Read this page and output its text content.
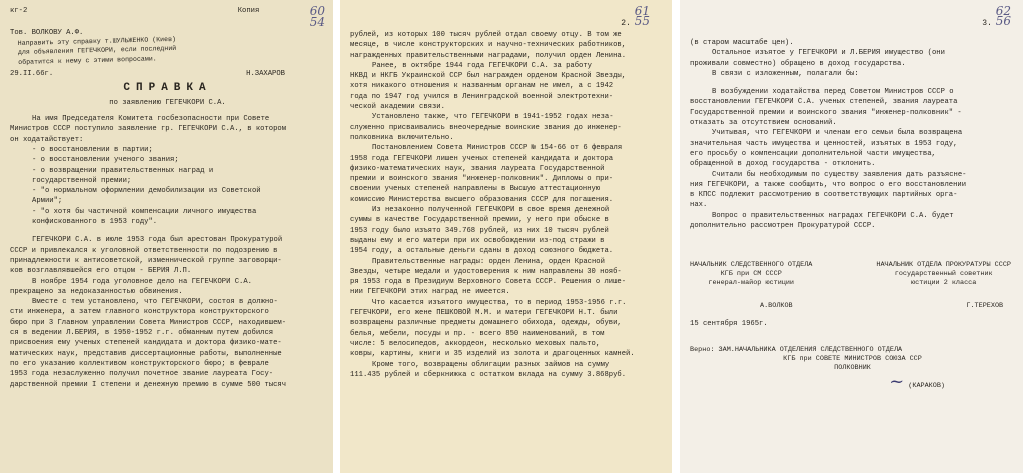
кг-2	Копия	60
54
Тов. ВОЛКОВУ А.Ф.
Направить эту справку т.ШУЛЬЖЕНКО (Киев)
для объявления ГЕГЕЧКОРИ, если последний
обратится к нему с этими вопросами.
29.II.66г.	Н.ЗАХАРОВ
СПРАВКА
по заявлению ГЕГЕЧКОРИ С.А.
На имя Председателя Комитета госбезопасности при Совете
Министров СССР поступило заявление гр. ГЕГЕЧКОРИ С.А., в котором
он ходатайствует:
- о восстановлении в партии;
- о восстановлении ученого звания;
- о возвращении правительственных наград и
государственной премии;
- "о нормальном оформлении демобилизации из Советской
Армии";
- "о хотя бы частичной компенсации личного имущества
конфискованного в 1953 году".
ГЕГЕЧКОРИ С.А. в июле 1953 года был арестован Прокуратурой
СССР и привлекался к уголовной ответственности по подозрению в
принадлежности к антисоветской, изменнической группе заговорщи-
ков возглавлявшейся его отцом - БЕРИЯ Л.П.
В ноябре 1954 года уголовное дело на ГЕГЕЧКОРИ С.А.
прекращено за недоказанностью обвинения.
Вместе с тем установлено, что ГЕГЕЧКОРИ, состоя в должно-
сти инженера, а затем главного конструктора конструкторского
бюро при 3 Главном управлении Совета Министров СССР, находившем-
ся в ведении Л.БЕРИЯ, в 1950-1952 г.г. обманным путем добился
присвоения ему ученых степеней кандидата и доктора физико-мате-
матических наук, представив диссертационные работы, выполненные
по его указанию коллективом конструкторского бюро; в феврале
1953 года незаслуженно получил почетное звание лауреата Госу-
дарственной премии I степени и денежную премию в сумме 500 тысяч
61
2. 55
рублей, из которых 100 тысяч рублей отдал своему отцу. В том же
месяце, в числе конструкторских и научно-технических работников,
награжденных правительственными наградами, получил орден Ленина.
Ранее, в октябре 1944 года ГЕГЕЧКОРИ С.А. за работу
НКВД и НКГБ Украинской ССР был награжден орденом Красной Звезды,
хотя никакого отношения к названным органам не имел, а с 1942
года по 1947 год учился в Ленинградской военной электротехни-
ческой академии связи.
Установлено также, что ГЕГЕЧКОРИ в 1941-1952 годах неза-
служенно присваивались внеочередные воинские звания до инженер-
полковника включительно.
Постановлением Совета Министров СССР № 154-66 от 6 февраля
1958 года ГЕГЕЧКОРИ лишен ученых степеней кандидата и доктора
физико-математических наук, звания лауреата Государственной
премии и воинского звания "инженер-полковник". Дипломы о при-
своении ученых степеней направлены в Высшую аттестационную
комиссию Министерства высшего образования СССР для погашения.
Из незаконно полученной ГЕГЕЧКОРИ в свое время денежной
суммы в качестве Государственной премии, у него при обыске в
1953 году было изъято 349.768 рублей, из них 10 тысяч рублей
выданы ему и его матери при их освобождении из-под стражи в
1954 году, а остальные деньги сданы в доход союзного бюджета.
Правительственные награды: орден Ленина, орден Красной
Звезды, четыре медали и удостоверения к ним направлены 30 нояб-
ря 1953 года в Президиум Верховного Совета СССР. Решения о лише-
нии ГЕГЕЧКОРИ этих наград не имеется.
Что касается изъятого имущества, то в период 1953-1956 г.г.
ГЕГЕЧКОРИ, его жене ПЕШКОВОЙ М.М. и матери ГЕГЕЧКОРИ Н.Т. были
возвращены различные предметы домашнего обихода, одежды, обуви,
белья, мебели, посуды и пр. - всего 850 наименований, в том
числе: 5 велосипедов, аккордеон, несколько меховых пальто,
ковры, картины, книги и 35 изделий из золота и драгоценных камней.
Кроме того, возвращены облигации разных займов на сумму
111.435 рублей и сберкнижка с остатком вклада на сумму 3.868руб.
62
3. 56
(в старом масштабе цен).
Остальное изъятое у ГЕГЕЧКОРИ и Л.БЕРИЯ имущество (они
проживали совместно) обращено в доход государства.
В связи с изложенным, полагали бы:
В возбуждении ходатайства перед Советом Министров СССР о
восстановлении ГЕГЕЧКОРИ С.А. ученых степеней, звания лауреата
Государственной премии и воинского звания "инженер-полковник" -
отказать за отсутствием оснований.
Учитывая, что ГЕГЕЧКОРИ и членам его семьи была возвращена
значительная часть имущества и ценностей, изъятых в 1953 году,
его просьбу о компенсации дополнительной части имущества,
обращенной в доход государства - отклонить.
Считали бы необходимым по существу заявления дать разъясне-
ния ГЕГЕЧКОРИ, а также сообщить, что вопрос о его восстановлении
в КПСС подлежит рассмотрению в соответствующих партийных орга-
нах.
Вопрос о правительственных наградах ГЕГЕЧКОРИ С.А. будет
дополнительно рассмотрен Прокуратурой СССР.
НАЧАЛЬНИК СЛЕДСТВЕННОГО ОТДЕЛА
КГБ при СМ СССР
генерал-майор юстиции
А.ВОЛКОВ
НАЧАЛЬНИК ОТДЕЛА ПРОКУРАТУРЫ СССР
государственный советник
юстиции 2 класса
Г.ТЕРЕХОВ
15 сентября 1965г.
Верно: ЗАМ.НАЧАЛЬНИКА ОТДЕЛЕНИЯ СЛЕДСТВЕННОГО ОТДЕЛА
КГБ при СОВЕТЕ МИНИСТРОВ СОЮЗА ССР
ПОЛКОВНИК
~ (КАРАКОВ)
